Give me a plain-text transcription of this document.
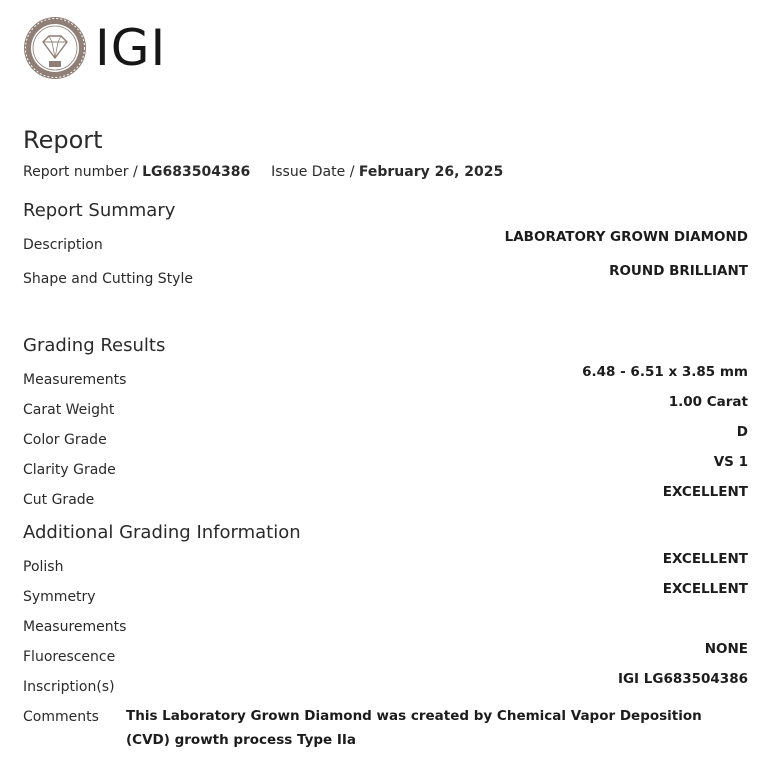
IGI
Report
Report number / LG683504386 Issue Date / February 26, 2025
Report Summary
Description	LABORATORY GROWN DIAMOND
Shape and Cutting Style	ROUND BRILLIANT
Grading Results
Measurements	6.48 - 6.51 x 3.85 mm
Carat Weight	1.00 Carat
Color Grade	D
Clarity Grade	VS 1
Cut Grade	EXCELLENT
Additional Grading Information
Polish	EXCELLENT
Symmetry	EXCELLENT
Measurements
Fluorescence	NONE
Inscription(s)	IGI LG683504386
Comments This Laboratory Grown Diamond was created by Chemical Vapor Deposition (CVD) growth process Type IIa
